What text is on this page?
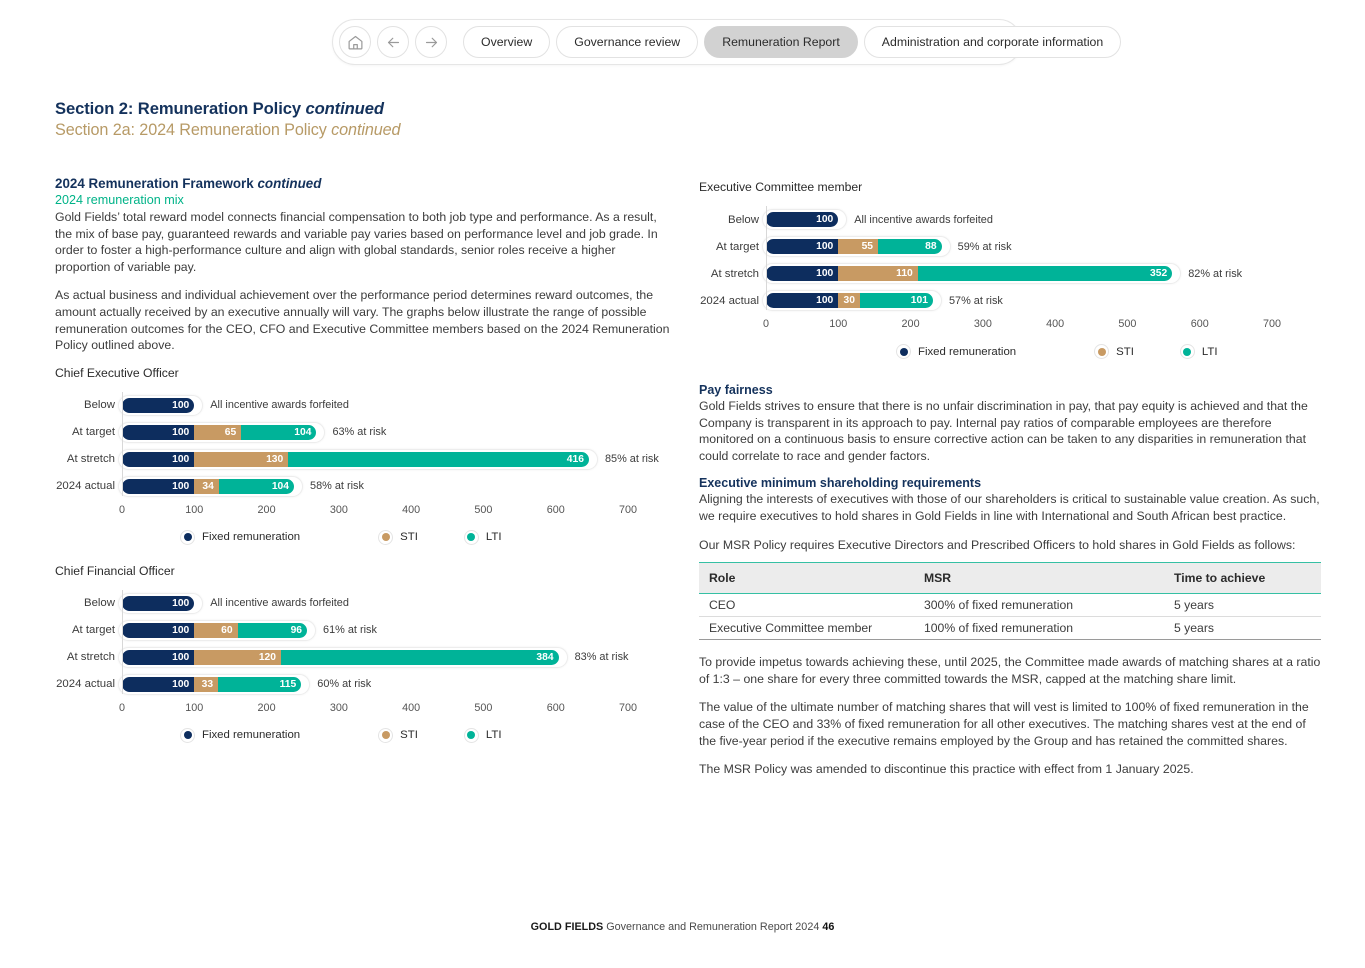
Overview	Governance review	Remuneration Report	Administration and corporate information
Section 2: Remuneration Policy continued
Section 2a: 2024 Remuneration Policy continued
2024 Remuneration Framework continued
2024 remuneration mix

Gold Fields’ total reward model connects financial compensation to both job type and performance. As a result, the mix of base pay, guaranteed rewards and variable pay varies based on performance level and job grade. In order to foster a high-performance culture and align with global standards, senior roles receive a higher proportion of variable pay.

As actual business and individual achievement over the performance period determines reward outcomes, the amount actually received by an executive annually will vary. The graphs below illustrate the range of possible remuneration outcomes for the CEO, CFO and Executive Committee members based on the 2024 Remuneration Policy outlined above.

Chief Executive Officer
Below	100	All incentive awards forfeited
At target	100	65	104	63% at risk
At stretch	100	130	416	85% at risk
2024 actual	100	34	104	58% at risk
0	100	200	300	400	500	600	700
Fixed remuneration	STI	LTI
Chief Financial Officer
Below	100	All incentive awards forfeited
At target	100	60	96	61% at risk
At stretch	100	120	384	83% at risk
2024 actual	100	33	115	60% at risk
0	100	200	300	400	500	600	700
Fixed remuneration	STI	LTI
Executive Committee member
Below	100	All incentive awards forfeited
At target	100	55	88	59% at risk
At stretch	100	110	352	82% at risk
2024 actual	100 30	101	57% at risk
0	100	200	300	400	500	600	700
Fixed remuneration	STI	LTI
Pay fairness

Gold Fields strives to ensure that there is no unfair discrimination in pay, that pay equity is achieved and that the Company is transparent in its approach to pay. Internal pay ratios of comparable employees are therefore monitored on a continuous basis to ensure corrective action can be taken to any disparities in remuneration that could correlate to race and gender factors.

Executive minimum shareholding requirements

Aligning the interests of executives with those of our shareholders is critical to sustainable value creation. As such, we require executives to hold shares in Gold Fields in line with International and South African best practice.

Our MSR Policy requires Executive Directors and Prescribed Officers to hold shares in Gold Fields as follows:

Role	MSR	Time to achieve
CEO	300% of fixed remuneration	5 years
Executive Committee member	100% of fixed remuneration	5 years

To provide impetus towards achieving these, until 2025, the Committee made awards of matching shares at a ratio of 1:3 – one share for every three committed towards the MSR, capped at the matching share limit.

The value of the ultimate number of matching shares that will vest is limited to 100% of fixed remuneration in the case of the CEO and 33% of fixed remuneration for all other executives. The matching shares vest at the end of the five-year period if the executive remains employed by the Group and has retained the committed shares.

The MSR Policy was amended to discontinue this practice with effect from 1 January 2025.

GOLD FIELDS Governance and Remuneration Report 2024 46
